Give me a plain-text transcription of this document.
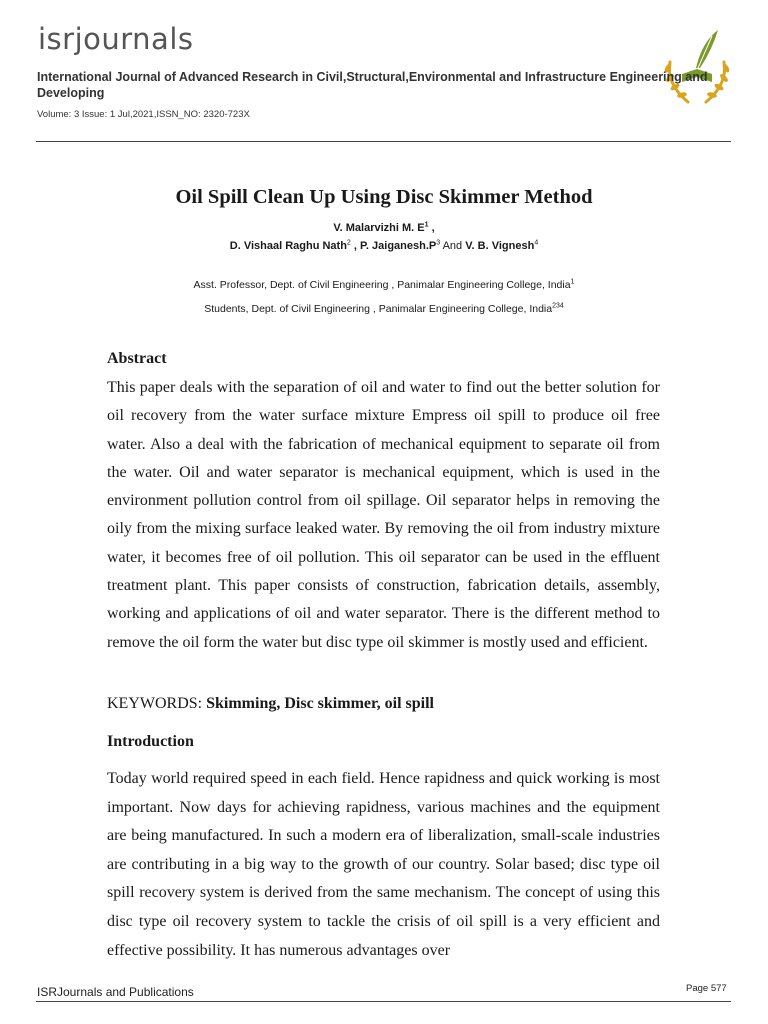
isrjournals
International Journal of Advanced Research in Civil,Structural,Environmental and Infrastructure Engineering and Developing
Volume: 3 Issue: 1 Jul,2021,ISSN_NO: 2320-723X
Oil Spill Clean Up Using Disc Skimmer Method
V. Malarvizhi M. $E^1$ ,
D. Vishaal Raghu Nath$^2$ , P. $Jaiganesh.P^3$ And V. B. Vignesh$^4$
Asst. Professor, Dept. of Civil Engineering , Panimalar Engineering College, India$^1$
Students, Dept. of Civil Engineering , Panimalar Engineering College, India$^{234}$
Abstract
This paper deals with the separation of oil and water to find out the better solution for oil recovery from the water surface mixture Empress oil spill to produce oil free water. Also a deal with the fabrication of mechanical equipment to separate oil from the water. Oil and water separator is mechanical equipment, which is used in the environment pollution control from oil spillage. Oil separator helps in removing the oily from the mixing surface leaked water. By removing the oil from industry mixture water, it becomes free of oil pollution. This oil separator can be used in the effluent treatment plant. This paper consists of construction, fabrication details, assembly, working and applications of oil and water separator. There is the different method to remove the oil form the water but disc type oil skimmer is mostly used and efficient.
KEYWORDS: Skimming, Disc skimmer, oil spill
Introduction
Today world required speed in each field. Hence rapidness and quick working is most important. Now days for achieving rapidness, various machines and the equipment are being manufactured. In such a modern era of liberalization, small-scale industries are contributing in a big way to the growth of our country. Solar based; disc type oil spill recovery system is derived from the same mechanism. The concept of using this disc type oil recovery system to tackle the crisis of oil spill is a very efficient and effective possibility. It has numerous advantages over
ISRJournals and Publications	Page 577
